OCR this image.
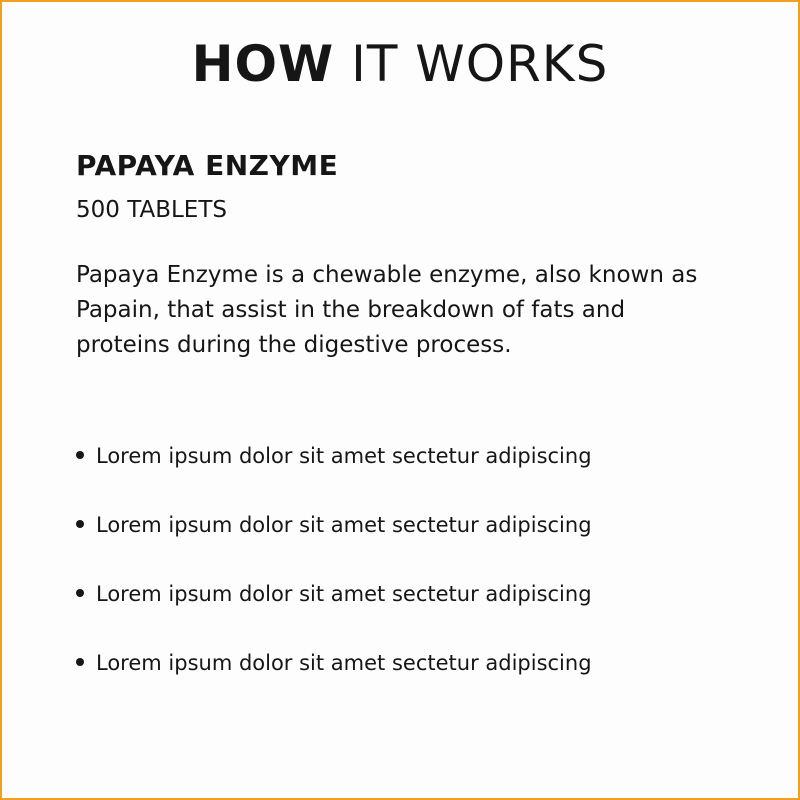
HOW IT WORKS
PAPAYA ENZYME
500 TABLETS

Papaya Enzyme is a chewable enzyme, also known as Papain, that assist in the breakdown of fats and proteins during the digestive process.

Lorem ipsum dolor sit amet sectetur adipiscing
Lorem ipsum dolor sit amet sectetur adipiscing
Lorem ipsum dolor sit amet sectetur adipiscing
Lorem ipsum dolor sit amet sectetur adipiscing
